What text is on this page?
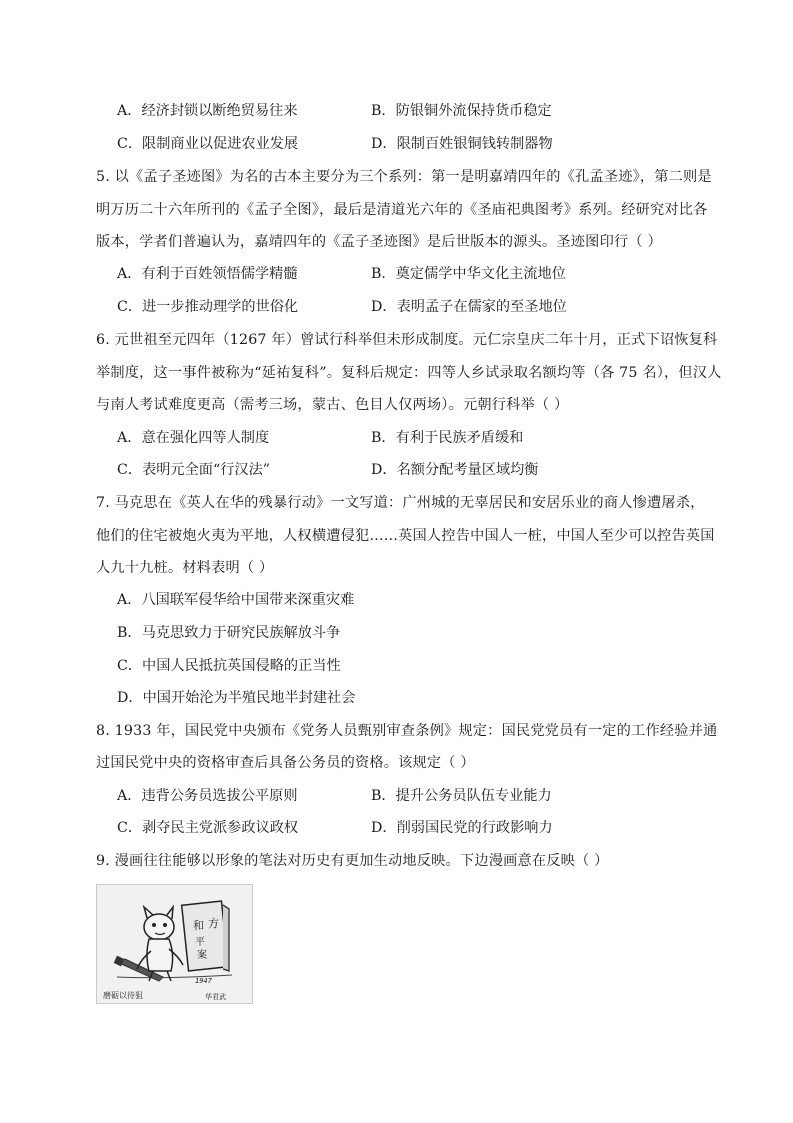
A．经济封锁以断绝贸易往来	B．防银铜外流保持货币稳定
C．限制商业以促进农业发展	D．限制百姓银铜钱转制器物
5. 以《孟子圣迹图》为名的古本主要分为三个系列：第一是明嘉靖四年的《孔孟圣迹》，第二则是
明万历二十六年所刊的《孟子全图》，最后是清道光六年的《圣庙祀典图考》系列。经研究对比各
版本，学者们普遍认为，嘉靖四年的《孟子圣迹图》是后世版本的源头。圣迹图印行（ ）
A．有利于百姓领悟儒学精髓	B．奠定儒学中华文化主流地位
C．进一步推动理学的世俗化	D．表明孟子在儒家的至圣地位
6. 元世祖至元四年（1267 年）曾试行科举但未形成制度。元仁宗皇庆二年十月，正式下诏恢复科
举制度，这一事件被称为“延祐复科”。复科后规定：四等人乡试录取名额均等（各 75 名），但汉人
与南人考试难度更高（需考三场，蒙古、色目人仅两场）。元朝行科举（ ）
A．意在强化四等人制度	B．有利于民族矛盾缓和
C．表明元全面“行汉法”	D．名额分配考量区域均衡
7. 马克思在《英人在华的残暴行动》一文写道：广州城的无辜居民和安居乐业的商人惨遭屠杀，
他们的住宅被炮火夷为平地，人权横遭侵犯……英国人控告中国人一桩，中国人至少可以控告英国
人九十九桩。材料表明（ ）
A．八国联军侵华给中国带来深重灾难
B．马克思致力于研究民族解放斗争
C．中国人民抵抗英国侵略的正当性
D．中国开始沦为半殖民地半封建社会
8. 1933 年，国民党中央颁布《党务人员甄别审查条例》规定：国民党党员有一定的工作经验并通
过国民党中央的资格审查后具备公务员的资格。该规定（ ）
A．违背公务员选拔公平原则	B．提升公务员队伍专业能力
C．剥夺民主党派参政议政权	D．削弱国民党的行政影响力
9. 漫画往往能够以形象的笔法对历史有更加生动地反映。下边漫画意在反映（ ）
和 方
平
案
1947
磨砺以待狙	华君武
